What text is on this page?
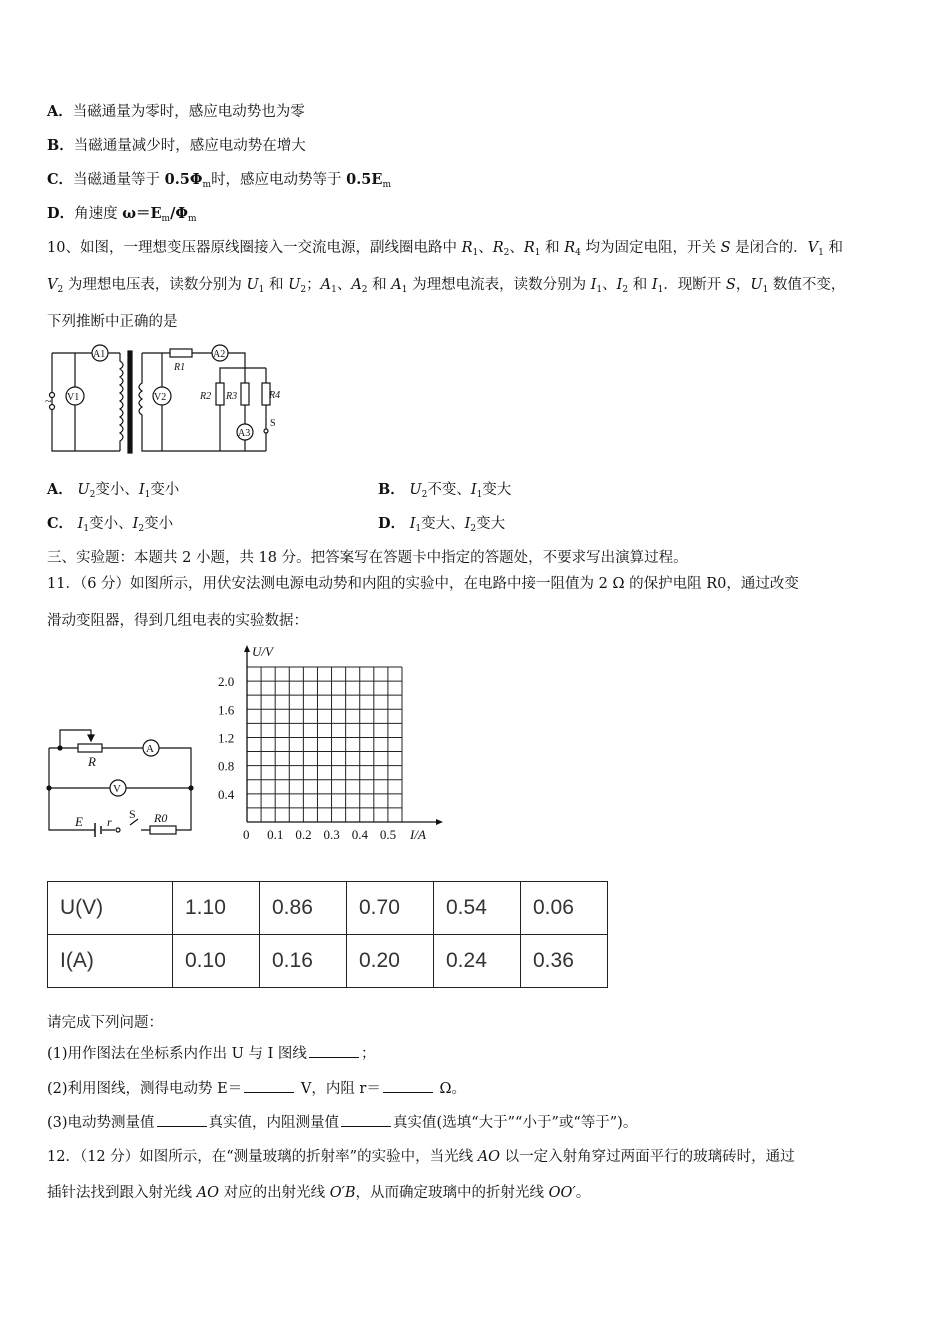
A．当磁通量为零时，感应电动势也为零
B．当磁通量减少时，感应电动势在增大
C．当磁通量等于 $0.5\Phi_m$时，感应电动势等于 $0.5E_m$
D．角速度 $\omega=E_m/\Phi_m$
10、如图，一理想变压器原线圈接入一交流电源，副线圈电路中 $R_1$、$R_2$、$R_1$ 和 $R_4$ 均为固定电阻，开关 S 是闭合的．$V_1$ 和
$V_2$ 为理想电压表，读数分别为 $U_1$ 和 $U_2$；$A_1$、$A_2$ 和 $A_1$ 为理想电流表，读数分别为 $I_1$、$I_2$ 和 $I_1$．现断开 S，$U_1$ 数值不变，
下列推断中正确的是
~
A1
V1
R1
A2
V2	R2 R3
A3
R4
S
A． $U_2$变小、$I_1$变小	B． $U_2$不变、$I_1$变大
C． $I_1$变小、$I_2$变小	D． $I_1$变大、$I_2$变大
三、实验题：本题共 2 小题，共 18 分。把答案写在答题卡中指定的答题处，不要求写出演算过程。
11．（6 分）如图所示，用伏安法测电源电动势和内阻的实验中，在电路中接一阻值为 2 Ω 的保护电阻 R0，通过改变
滑动变阻器，得到几组电表的实验数据：
R
A
V
E r
S R0
0 0.1 0.2 0.3 0.4 0.5
0.4
0.8
1.2
1.6
2.0
U/V
I/A
U(V)	1.10	0.86	0.70	0.54	0.06
I(A)	0.10	0.16	0.20	0.24	0.36
请完成下列问题：
(1)用作图法在坐标系内作出 U 与 I 图线	；
(2)利用图线，测得电动势 E＝	V，内阻 r＝	Ω。
(3)电动势测量值	真实值，内阻测量值	真实值(选填“大于”“小于”或“等于”)。
12．（12 分）如图所示，在“测量玻璃的折射率”的实验中，当光线 AO 以一定入射角穿过两面平行的玻璃砖时，通过
插针法找到跟入射光线 AO 对应的出射光线 O′B，从而确定玻璃中的折射光线 OO′。
